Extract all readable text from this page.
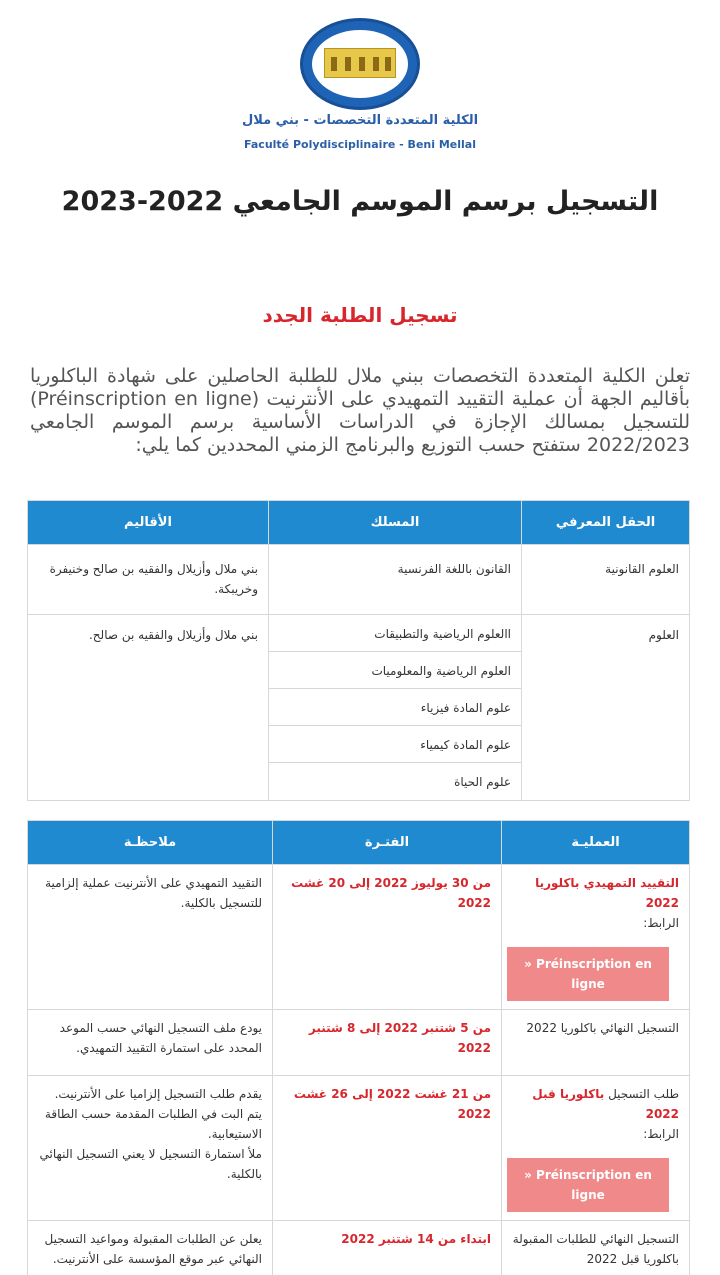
الكلية المتعددة التخصصات - بني ملال
Faculté Polydisciplinaire - Beni Mellal
التسجيل برسم الموسم الجامعي 2022-2023
تسجيل الطلبة الجدد

تعلن الكلية المتعددة التخصصات ببني ملال للطلبة الحاصلين على شهادة الباكلوريا بأقاليم الجهة أن عملية التقييد التمهيدي على الأنترنيت (Préinscription en ligne) للتسجيل بمسالك الإجازة في الدراسات الأساسية برسم الموسم الجامعي 2022/2023 ستفتح حسب التوزيع والبرنامج الزمني المحددين كما يلي:

الحقل المعرفي	المسلك	الأقاليم
العلوم القانونية	القانون باللغة الفرنسية	بني ملال وأزيلال والفقيه بن صالح وخنيفرة وخريبكة.
العلوم	االعلوم الرياضية والتطبيقات
العلوم الرياضية والمعلوميات
علوم المادة فيزياء
علوم المادة كيمياء
علوم الحياة	بني ملال وأزيلال والفقيه بن صالح.
العمليـة	الفتـرة	ملاحظـة
التقييد التمهيدي باكلوريا 2022
الرابط:
» Préinscription en ligne	من 30 يوليوز 2022 إلى 20 غشت 2022	التقييد التمهيدي على الأنترنيت عملية إلزامية للتسجيل بالكلية.
التسجيل النهائي باكلوريا 2022	من 5 شتنبر 2022 إلى 8 شتنبر 2022	يودع ملف التسجيل النهائي حسب الموعد المحدد على استمارة التقييد التمهيدي.
طلب التسجيل باكلوريا قبل 2022
الرابط:
» Préinscription en ligne	من 21 غشت 2022 إلى 26 غشت 2022	يقدم طلب التسجيل إلزاميا على الأنترنيت.
يتم البت في الطلبات المقدمة حسب الطاقة الاستيعابية.
ملأ استمارة التسجيل لا يعني التسجيل النهائي بالكلية.

التسجيل النهائي للطلبات المقبولة باكلوريا قبل 2022	ابتداء من 14 شتنبر 2022	يعلن عن الطلبات المقبولة ومواعيد التسجيل النهائي عبر موقع المؤسسة على الأنترنيت.
